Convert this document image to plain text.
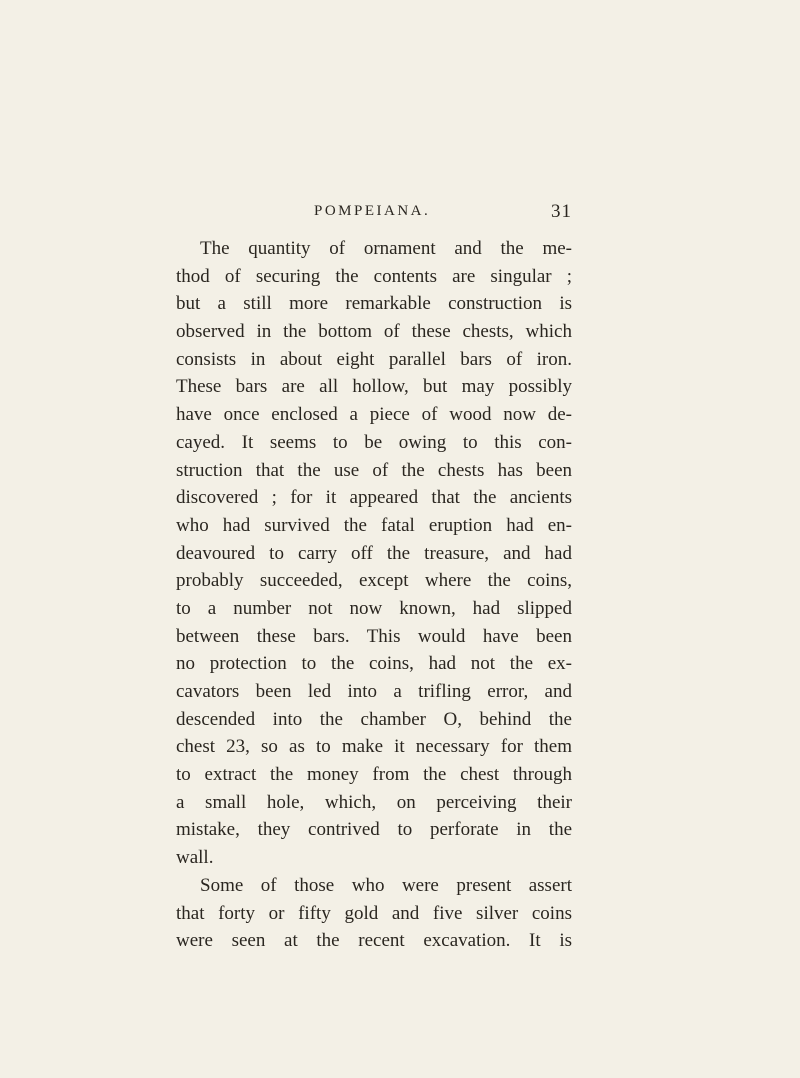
POMPEIANA.	31
The quantity of ornament and the me-
thod of securing the contents are singular ;
but a still more remarkable construction is
observed in the bottom of these chests, which
consists in about eight parallel bars of iron.
These bars are all hollow, but may possibly
have once enclosed a piece of wood now de-
cayed. It seems to be owing to this con-
struction that the use of the chests has been
discovered ; for it appeared that the ancients
who had survived the fatal eruption had en-
deavoured to carry off the treasure, and had
probably succeeded, except where the coins,
to a number not now known, had slipped
between these bars. This would have been
no protection to the coins, had not the ex-
cavators been led into a trifling error, and
descended into the chamber O, behind the
chest 23, so as to make it necessary for them
to extract the money from the chest through
a small hole, which, on perceiving their
mistake, they contrived to perforate in the
wall.
Some of those who were present assert
that forty or fifty gold and five silver coins
were seen at the recent excavation. It is
